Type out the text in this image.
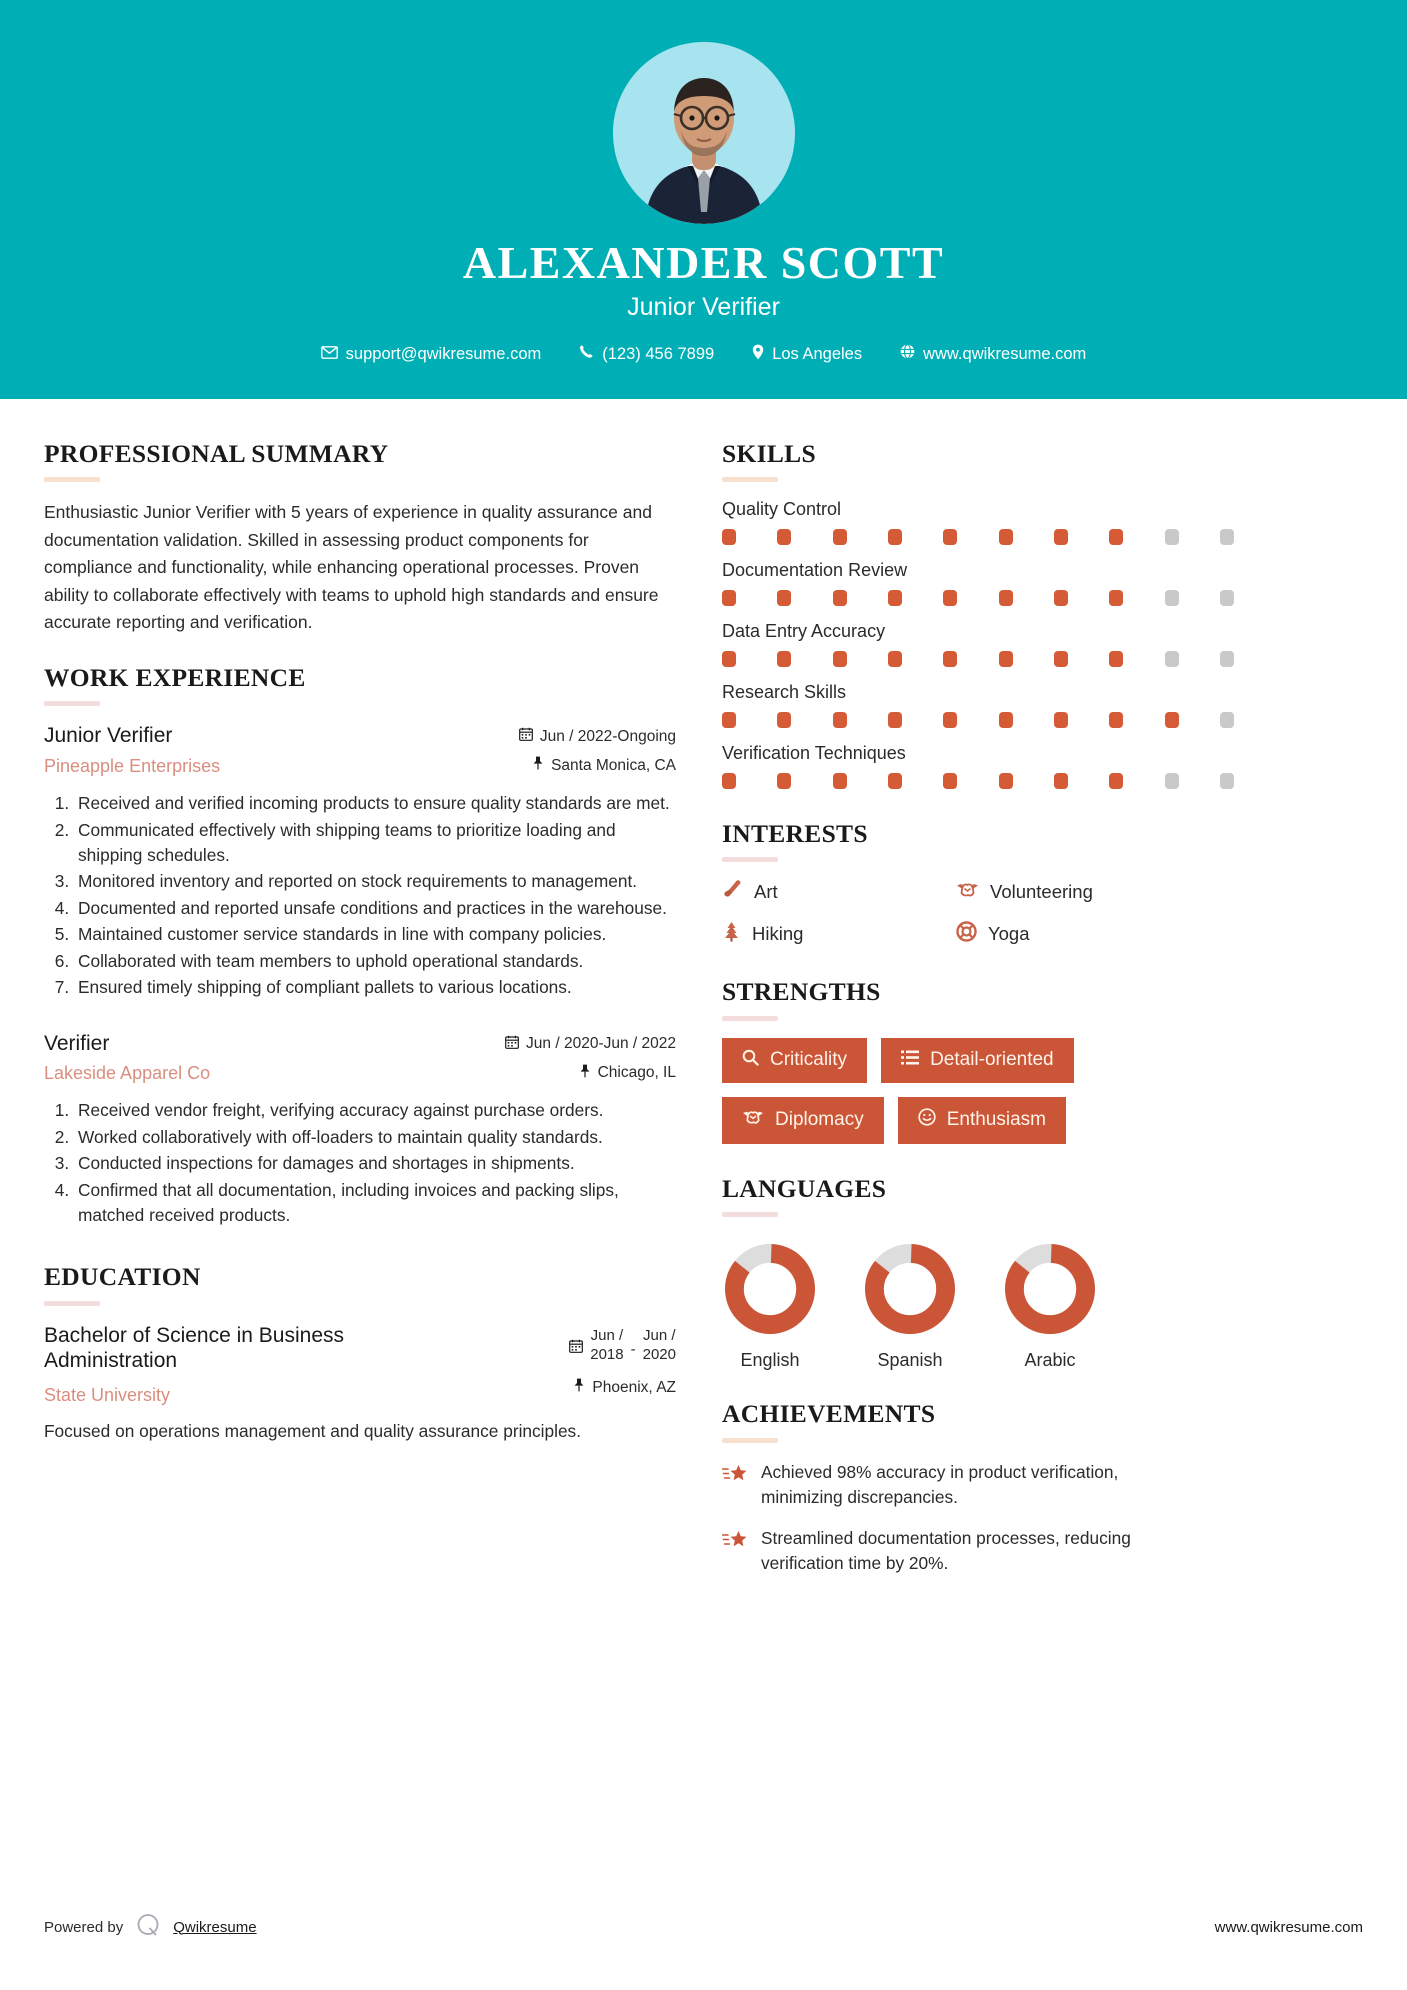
ALEXANDER SCOTT
Junior Verifier
support@qwikresume.com	(123) 456 7899	Los Angeles	www.qwikresume.com
PROFESSIONAL SUMMARY
Enthusiastic Junior Verifier with 5 years of experience in quality assurance and documentation validation. Skilled in assessing product components for compliance and functionality, while enhancing operational processes. Proven ability to collaborate effectively with teams to uphold high standards and ensure accurate reporting and verification.
WORK EXPERIENCE
Junior Verifier
Pineapple Enterprises
Jun / 2022-Ongoing
Santa Monica, CA
1. Received and verified incoming products to ensure quality standards are met.
2. Communicated effectively with shipping teams to prioritize loading and shipping schedules.
3. Monitored inventory and reported on stock requirements to management.
4. Documented and reported unsafe conditions and practices in the warehouse.
5. Maintained customer service standards in line with company policies.
6. Collaborated with team members to uphold operational standards.
7. Ensured timely shipping of compliant pallets to various locations.
Verifier
Lakeside Apparel Co
Jun / 2020-Jun / 2022
Chicago, IL
1. Received vendor freight, verifying accuracy against purchase orders.
2. Worked collaboratively with off-loaders to maintain quality standards.
3. Conducted inspections for damages and shortages in shipments.
4. Confirmed that all documentation, including invoices and packing slips, matched received products.
EDUCATION
Bachelor of Science in Business Administration
State University
Jun /
2018 -
Jun /
2020
Phoenix, AZ
Focused on operations management and quality assurance principles.
SKILLS
Quality Control
Documentation Review
Data Entry Accuracy
Research Skills
Verification Techniques
INTERESTS
Art	Volunteering
Hiking	Yoga
STRENGTHS
Criticality	Detail-oriented
Diplomacy	Enthusiasm
LANGUAGES
English	Spanish	Arabic
ACHIEVEMENTS
Achieved 98% accuracy in product verification, minimizing discrepancies.
Streamlined documentation processes, reducing verification time by 20%.
Powered by	Qwikresume	www.qwikresume.com
